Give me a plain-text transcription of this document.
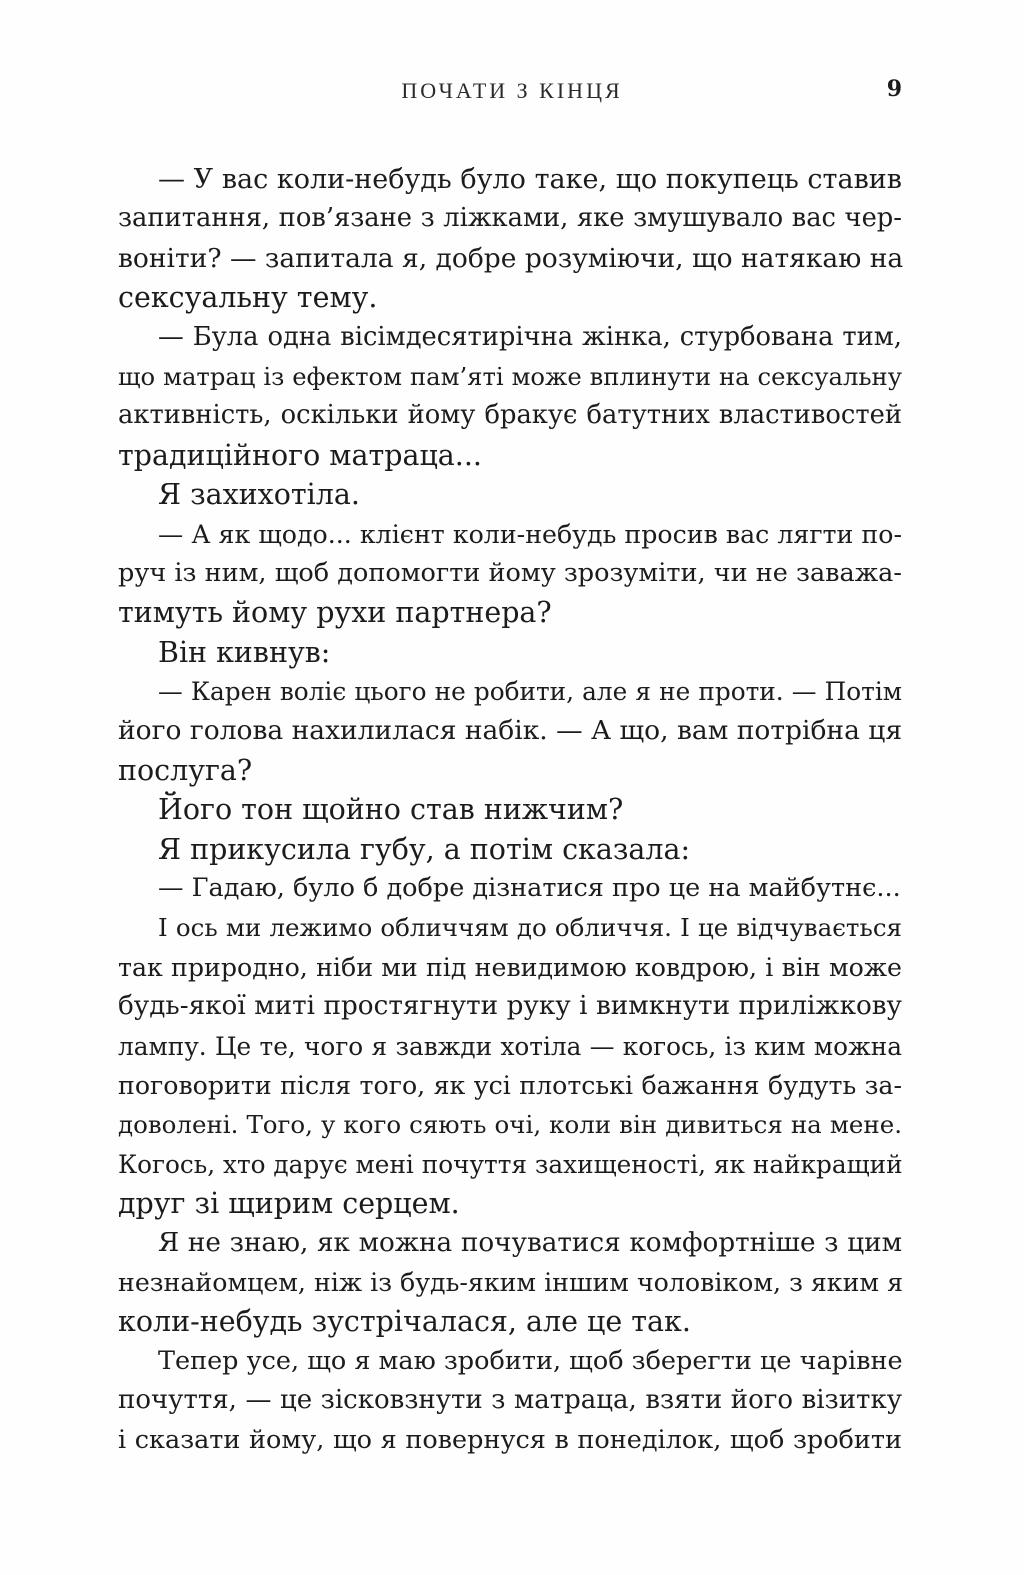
ПОЧАТИ З КІНЦЯ	9
— У вас коли-небудь було таке, що покупець ставив
запитання, пов’язане з ліжками, яке змушувало вас чер-
воніти? — запитала я, добре розуміючи, що натякаю на
сексуальну тему.
— Була одна вісімдесятирічна жінка, стурбована тим,
що матрац із ефектом пам’яті може вплинути на сексуальну
активність, оскільки йому бракує батутних властивостей
традиційного матраца...
Я захихотіла.
— А як щодо... клієнт коли-небудь просив вас лягти по-
руч із ним, щоб допомогти йому зрозуміти, чи не заважа-
тимуть йому рухи партнера?
Він кивнув:
— Карен воліє цього не робити, але я не проти. — Потім
його голова нахилилася набік. — А що, вам потрібна ця
послуга?
Його тон щойно став нижчим?
Я прикусила губу, а потім сказала:
— Гадаю, було б добре дізнатися про це на майбутнє...
І ось ми лежимо обличчям до обличчя. І це відчувається
так природно, ніби ми під невидимою ковдрою, і він може
будь-якої миті простягнути руку і вимкнути приліжкову
лампу. Це те, чого я завжди хотіла — когось, із ким можна
поговорити після того, як усі плотські бажання будуть за-
доволені. Того, у кого сяють очі, коли він дивиться на мене.
Когось, хто дарує мені почуття захищеності, як найкращий
друг зі щирим серцем.
Я не знаю, як можна почуватися комфортніше з цим
незнайомцем, ніж із будь-яким іншим чоловіком, з яким я
коли-небудь зустрічалася, але це так.
Тепер усе, що я маю зробити, щоб зберегти це чарівне
почуття, — це зісковзнути з матраца, взяти його візитку
і сказати йому, що я повернуся в понеділок, щоб зробити
